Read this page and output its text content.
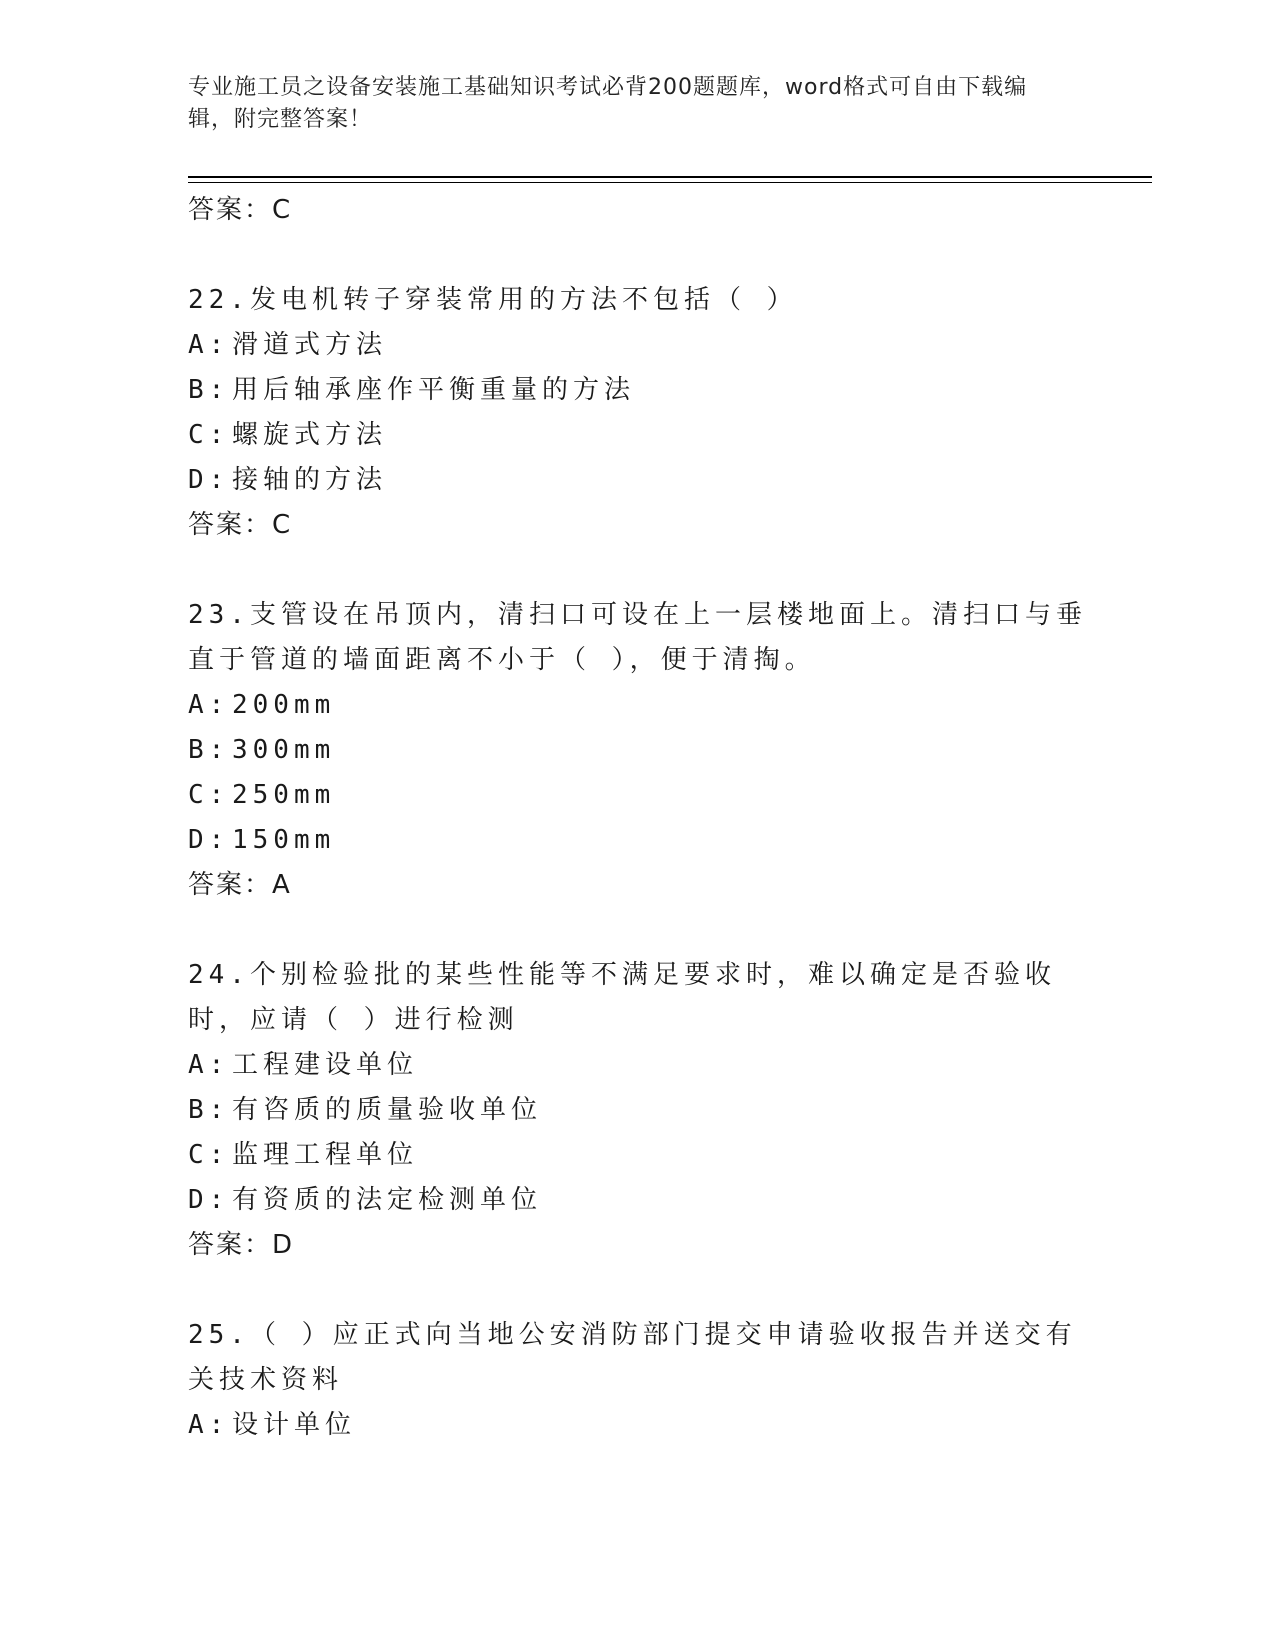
专业施工员之设备安装施工基础知识考试必背200题题库，word格式可自由下载编辑，附完整答案！

答案：C

22.发电机转子穿装常用的方法不包括（ ）

A: 滑道式方法

B: 用后轴承座作平衡重量的方法

C: 螺旋式方法

D: 接轴的方法

答案：C

23.支管设在吊顶内，清扫口可设在上一层楼地面上。清扫口与垂直于管道的墙面距离不小于（ ），便于清掏。

A: 200mm

B: 300mm

C: 250mm

D: 150mm

答案：A

24.个别检验批的某些性能等不满足要求时，难以确定是否验收时，应请（ ）进行检测

A: 工程建设单位

B: 有咨质的质量验收单位

C: 监理工程单位

D: 有资质的法定检测单位

答案：D

25.（ ）应正式向当地公安消防部门提交申请验收报告并送交有关技术资料

A: 设计单位
